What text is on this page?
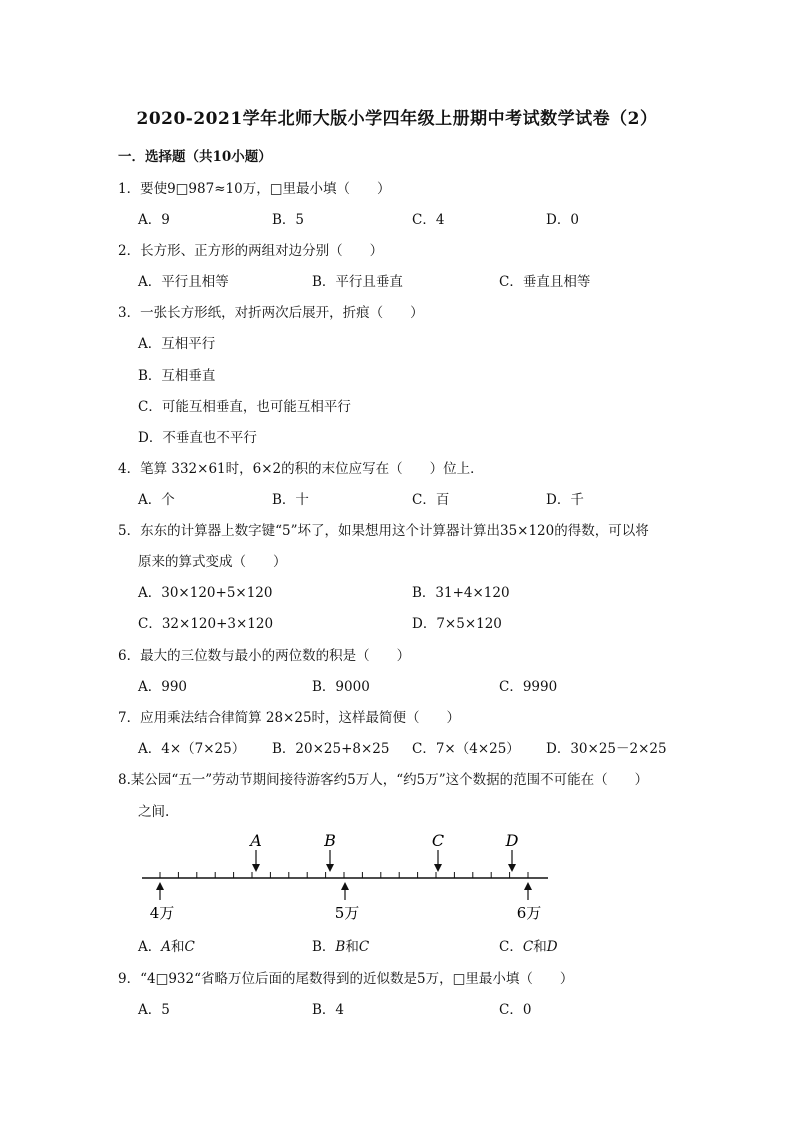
2020-2021学年北师大版小学四年级上册期中考试数学试卷（2）
一．选择题（共10小题）
1．要使9□987≈10万，□里最小填（　　）
A．9	B．5	C．4	D．0
2．长方形、正方形的两组对边分别（　　）
A．平行且相等	B．平行且垂直	C．垂直且相等
3．一张长方形纸，对折两次后展开，折痕（　　）
A．互相平行
B．互相垂直
C．可能互相垂直，也可能互相平行
D．不垂直也不平行
4．笔算 332×61时，6×2的积的末位应写在（　　）位上．
A．个	B．十	C．百	D．千
5．东东的计算器上数字键“5”坏了，如果想用这个计算器计算出35×120的得数，可以将
原来的算式变成（　　）
A．30×120+5×120	B．31+4×120
C．32×120+3×120	D．7×5×120
6．最大的三位数与最小的两位数的积是（　　）
A．990	B．9000	C．9990
7．应用乘法结合律简算 28×25时，这样最简便（　　）
A．4×（7×25） B．20×25+8×25 C．7×（4×25） D．30×25－2×25
8.某公园“五一”劳动节期间接待游客约5万人，“约5万”这个数据的范围不可能在（　　）
之间.
A	B	C	D
4万	5万	6万
A．A和C	B．B和C	C．C和D
9．“4□932“省略万位后面的尾数得到的近似数是5万，□里最小填（　　）
A．5	B．4	C．0
